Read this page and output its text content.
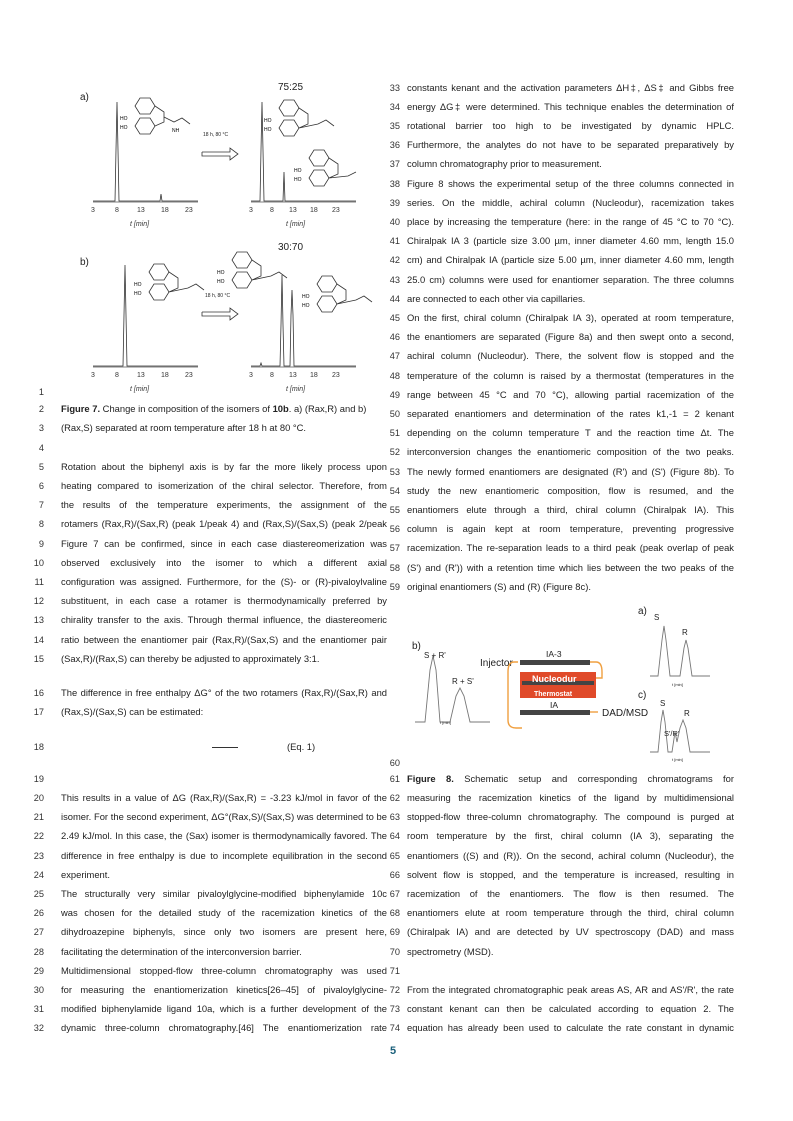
a)
b)
75:25
30:70
3	8	13 18 23
t [min]
HO
HO	NH
18 h, 80 °C
3 8 13 18 23
t [min]
HO
HO
HO
HO
3	8	13 18 23
t [min]
HO
HO
HO
HO
18 h, 80 °C
3 8 13 18 23
t [min]
HO
HO
Figure 7. Change in composition of the isomers of 10b. a) (Rax,R) and b)
(Rax,S) separated at room temperature after 18 h at 80 °C.
1
2
3
4
5
6
7
8
9
10
11
12
13
14
15
16
17
18
19
20
21
22
23
24
25
26
27
28
29
30
31
32
Rotation about the biphenyl axis is by far the more likely process upon
heating compared to isomerization of the chiral selector. Therefore, from
the results of the temperature experiments, the assignment of the
rotamers (Rax,R)/(Sax,R) (peak 1/peak 4) and (Rax,S)/(Sax,S) (peak 2/peak
Figure 7 can be confirmed, since in each case diastereomerization was
observed exclusively into the isomer to which a different axial
configuration was assigned. Furthermore, for the (S)- or (R)-pivaloylvaline
substituent, in each case a rotamer is thermodynamically preferred by
chirality transfer to the axis. Through thermal influence, the diastereomeric
ratio between the enantiomer pair (Rax,R)/(Sax,S) and the enantiomer pair
(Sax,R)/(Rax,S) can thereby be adjusted to approximately 3:1.
The difference in free enthalpy ΔG° of the two rotamers (Rax,R)/(Sax,R) and
(Rax,S)/(Sax,S) can be estimated:
(Eq. 1)
This results in a value of ΔG (Rax,R)/(Sax,R) = -3.23 kJ/mol in favor of the
isomer. For the second experiment, ΔG°(Rax,S)/(Sax,S) was determined to be
2.49 kJ/mol. In this case, the (Sax) isomer is thermodynamically favored. The
difference in free enthalpy is due to incomplete equilibration in the second
experiment.
The structurally very similar pivaloylglycine-modified biphenylamide 10c
was chosen for the detailed study of the racemization kinetics of the
dihydroazepine biphenyls, since only two isomers are present here,
facilitating the determination of the interconversion barrier.
Multidimensional stopped-flow three-column chromatography was used
for measuring the enantiomerization kinetics[26–45] of pivaloylglycine-
modified biphenylamide ligand 10a, which is a further development of the
dynamic three-column chromatography.[46] The enantiomerization rate
33
34
35
36
37
38
39
40
41
42
43
44
45
46
47
48
49
50
51
52
53
54
55
56
57
58
59
60
61
62
63
64
65
66
67
68
69
70
71
72
73
74
constants kenant and the activation parameters ΔH‡, ΔS‡ and Gibbs free
energy ΔG‡ were determined. This technique enables the determination of
rotational barrier too high to be investigated by dynamic HPLC.
Furthermore, the analytes do not have to be separated preparatively by
column chromatography prior to measurement.
Figure 8 shows the experimental setup of the three columns connected in
series. On the middle, achiral column (Nucleodur), racemization takes
place by increasing the temperature (here: in the range of 45 °C to 70 °C).
Chiralpak IA 3 (particle size 3.00 µm, inner diameter 4.60 mm, length 15.0
cm) and Chiralpak IA (particle size 5.00 µm, inner diameter 4.60 mm, length
25.0 cm) columns were used for enantiomer separation. The three columns
are connected to each other via capillaries.
On the first, chiral column (Chiralpak IA 3), operated at room temperature,
the enantiomers are separated (Figure 8a) and then swept onto a second,
achiral column (Nucleodur). There, the solvent flow is stopped and the
temperature of the column is raised by a thermostat (temperatures in the
range between 45 °C and 70 °C), allowing partial racemization of the
separated enantiomers and determination of the rates k1,-1 = 2 kenant
depending on the column temperature T and the reaction time Δt. The
interconversion changes the enantiomeric composition of the two peaks.
The newly formed enantiomers are designated (R') and (S') (Figure 8b). To
study the new enantiomeric composition, flow is resumed, and the
enantiomers elute through a third, chiral column (Chiralpak IA). This
column is again kept at room temperature, preventing progressive
racemization. The re-separation leads to a third peak (peak overlap of peak
(S') and (R')) with a retention time which lies between the two peaks of the
original enantiomers (S) and (R) (Figure 8c).
a)
S
R
t [min]
b)
S + R'
R + S'
t [min]
Injector
IA-3
Nucleodur
Thermostat
IA
DAD/MSD
c)
S
R
S'/R'
t [min]
Figure 8. Schematic setup and corresponding chromatograms for
measuring the racemization kinetics of the ligand by multidimensional
stopped-flow three-column chromatography. The compound is purged at
room temperature by the first, chiral column (IA 3), separating the
enantiomers ((S) and (R)). On the second, achiral column (Nucleodur), the
solvent flow is stopped, and the temperature is increased, resulting in
racemization of the enantiomers. The flow is then resumed. The
enantiomers elute at room temperature through the third, chiral column
(Chiralpak IA) and are detected by UV spectroscopy (DAD) and mass
spectrometry (MSD).
From the integrated chromatographic peak areas AS, AR and AS'/R', the rate
constant kenant can then be calculated according to equation 2. The
equation has already been used to calculate the rate constant in dynamic
5
